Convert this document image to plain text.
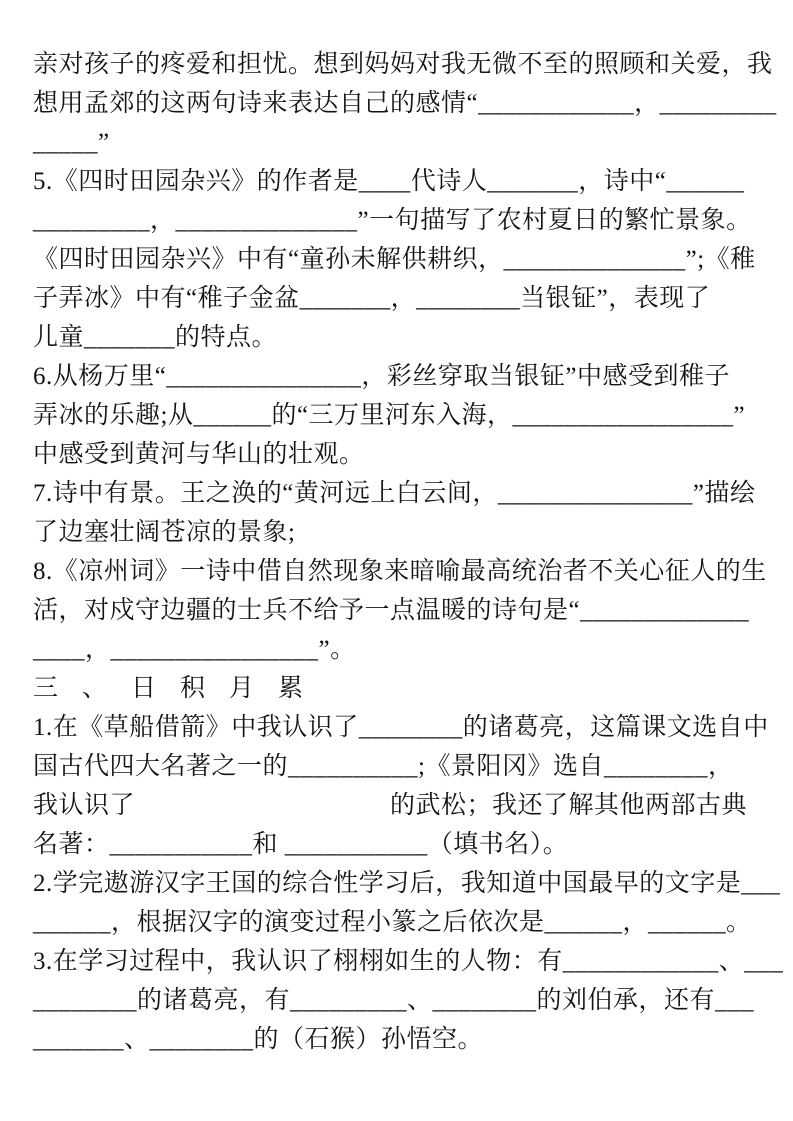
亲对孩子的疼爱和担忧。想到妈妈对我无微不至的照顾和关爱，我
想用孟郊的这两句诗来表达自己的感情“____________，_________
_____”
5.《四时田园杂兴》的作者是____代诗人_______，诗中“______
_________，______________”一句描写了农村夏日的繁忙景象。
《四时田园杂兴》中有“童孙未解供耕织，______________”;《稚
子弄冰》中有“稚子金盆_______，________当银钲”，表现了
儿童_______的特点。
6.从杨万里“_______________，彩丝穿取当银钲”中感受到稚子
弄冰的乐趣;从______的“三万里河东入海，_________________”
中感受到黄河与华山的壮观。
7.诗中有景。王之涣的“黄河远上白云间，_______________”描绘
了边塞壮阔苍凉的景象;
8.《凉州词》一诗中借自然现象来暗喻最高统治者不关心征人的生
活，对戍守边疆的士兵不给予一点温暖的诗句是“_____________
____，________________”。
三、日积月累
1.在《草船借箭》中我认识了________的诸葛亮，这篇课文选自中
国古代四大名著之一的__________;《景阳冈》选自________，
我认识了　　　　　　　　　　的武松；我还了解其他两部古典
名著：___________和 ___________（填书名）。
2.学完遨游汉字王国的综合性学习后，我知道中国最早的文字是___
______，根据汉字的演变过程小篆之后依次是______，______。
3.在学习过程中，我认识了栩栩如生的人物：有____________、___
________的诸葛亮，有_________、________的刘伯承，还有___
_______、________的（石猴）孙悟空。
